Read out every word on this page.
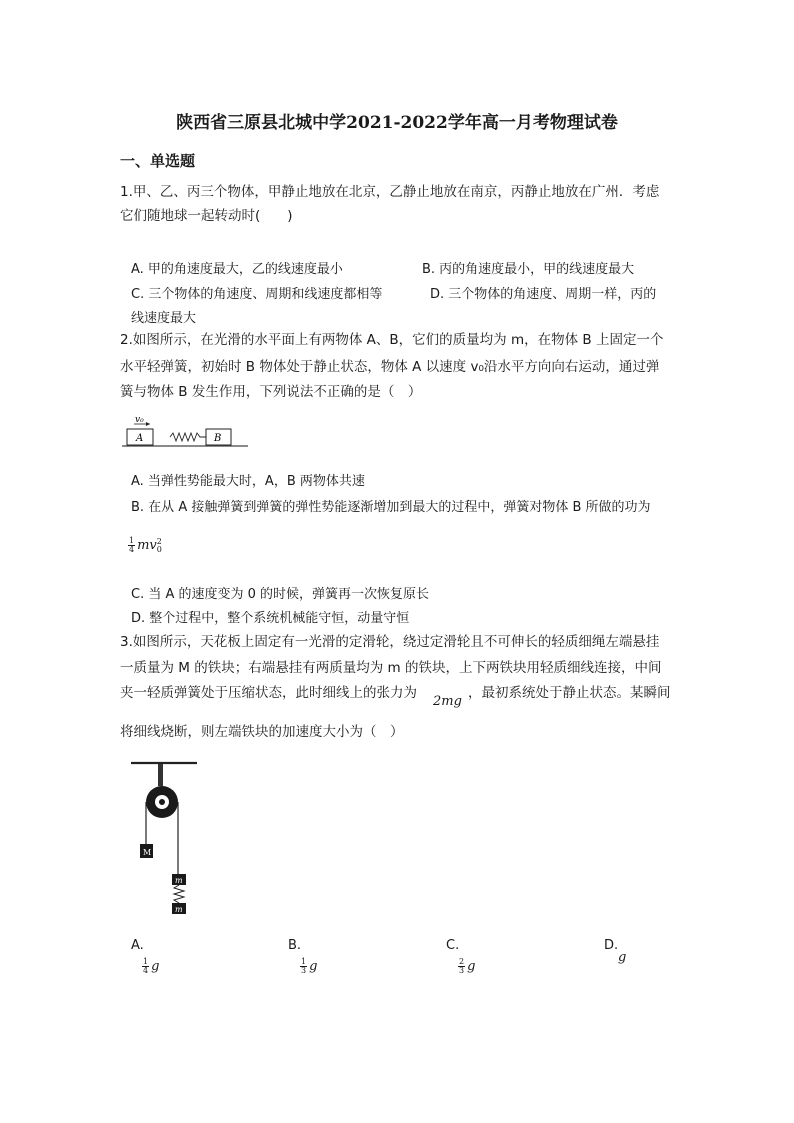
陕西省三原县北城中学2021-2022学年高一月考物理试卷
一、单选题
1.甲、乙、丙三个物体，甲静止地放在北京，乙静止地放在南京，丙静止地放在广州．考虑
它们随地球一起转动时(　　)
A. 甲的角速度最大，乙的线速度最小	B. 丙的角速度最小，甲的线速度最大
C. 三个物体的角速度、周期和线速度都相等	D. 三个物体的角速度、周期一样，丙的
线速度最大
2.如图所示，在光滑的水平面上有两物体 A、B，它们的质量均为 m，在物体 B 上固定一个
水平轻弹簧，初始时 B 物体处于静止状态，物体 A 以速度 v₀沿水平方向向右运动，通过弹
簧与物体 B 发生作用，下列说法不正确的是（　）
v₀
A	B
A. 当弹性势能最大时，A，B 两物体共速
B. 在从 A 接触弹簧到弹簧的弹性势能逐渐增加到最大的过程中，弹簧对物体 B 所做的功为
$\frac{1}{4}$ mv 2
0
C. 当 A 的速度变为 0 的时候，弹簧再一次恢复原长
D. 整个过程中，整个系统机械能守恒，动量守恒
3.如图所示，天花板上固定有一光滑的定滑轮，绕过定滑轮且不可伸长的轻质细绳左端悬挂
一质量为 M 的铁块；右端悬挂有两质量均为 m 的铁块，上下两铁块用轻质细线连接，中间
夹一轻质弹簧处于压缩状态，此时细线上的张力为
2mg
，最初系统处于静止状态。某瞬间
将细线烧断，则左端铁块的加速度大小为（　）
M
m
m
A.
$\frac{1}{4}$ g
B.
$\frac{1}{3}$ g
C.
$\frac{2}{3}$ g
D.
g
